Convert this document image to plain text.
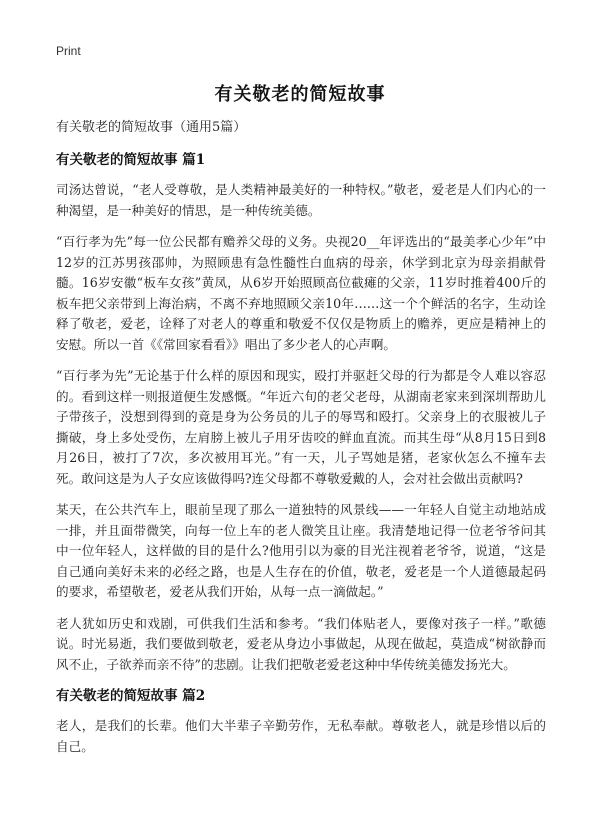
Print
有关敬老的简短故事
有关敬老的简短故事（通用5篇）
有关敬老的简短故事 篇1

司汤达曾说，“老人受尊敬，是人类精神最美好的一种特权。”敬老，爱老是人们内心的一种渴望，是一种美好的情思，是一种传统美德。

“百行孝为先”每一位公民都有赡养父母的义务。央视20__年评选出的“最美孝心少年”中12岁的江苏男孩邵帅，为照顾患有急性髓性白血病的母亲，休学到北京为母亲捐献骨髓。16岁安徽“板车女孩”黄凤，从6岁开始照顾高位截瘫的父亲，11岁时推着400斤的板车把父亲带到上海治病，不离不弃地照顾父亲10年……这一个个鲜活的名字，生动诠释了敬老，爱老，诠释了对老人的尊重和敬爱不仅仅是物质上的赡养，更应是精神上的安慰。所以一首《《常回家看看》》唱出了多少老人的心声啊。

“百行孝为先”无论基于什么样的原因和现实，殴打并驱赶父母的行为都是令人难以容忍的。看到这样一则报道便生发感慨。“年近六旬的老父老母，从湖南老家来到深圳帮助儿子带孩子，没想到得到的竟是身为公务员的儿子的辱骂和殴打。父亲身上的衣服被儿子撕破，身上多处受伤，左肩膀上被儿子用牙齿咬的鲜血直流。而其生母“从8月15日到8月26日，被打了7次，多次被用耳光。”有一天，儿子骂她是猪，老家伙怎么不撞车去死。敢问这是为人子女应该做得吗?连父母都不尊敬爱戴的人，会对社会做出贡献吗?

某天，在公共汽车上，眼前呈现了那么一道独特的风景线——一年轻人自觉主动地站成一排，并且面带微笑，向每一位上车的老人微笑且让座。我清楚地记得一位老爷爷问其中一位年轻人，这样做的目的是什么?他用引以为豪的目光注视着老爷爷，说道，“这是自己通向美好未来的必经之路，也是人生存在的价值，敬老，爱老是一个人道德最起码的要求，希望敬老，爱老从我们开始，从每一点一滴做起。”

老人犹如历史和戏剧，可供我们生活和参考。“我们体贴老人，要像对孩子一样。”歌德说。时光易逝，我们要做到敬老，爱老从身边小事做起，从现在做起，莫造成“树欲静而风不止，子欲养而亲不待”的悲剧。让我们把敬老爱老这种中华传统美德发扬光大。

有关敬老的简短故事 篇2

老人，是我们的长辈。他们大半辈子辛勤劳作，无私奉献。尊敬老人，就是珍惜以后的自己。
